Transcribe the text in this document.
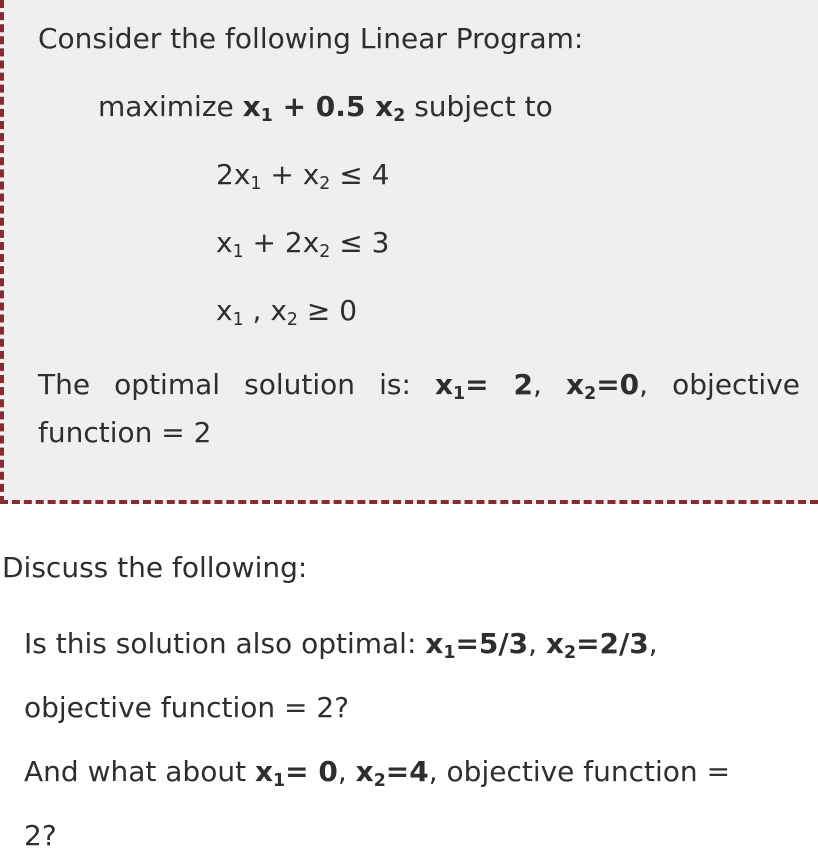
Consider the following Linear Program:
maximize $x_1 + 0.5$ $x_2$ subject to
$2x_1 + x_2 \le 4$
$x_1 + 2x_2 \le 3$
$x_1$ , $x_2 \ge 0$
The optimal solution is: $x_1= 2$, $x_2=0$, objective function = 2
Discuss the following:
Is this solution also optimal: $x_1=5/3$, $x_2=2/3$,
objective function = 2?
And what about $x_1= 0$, $x_2=4$, objective function =
2?
